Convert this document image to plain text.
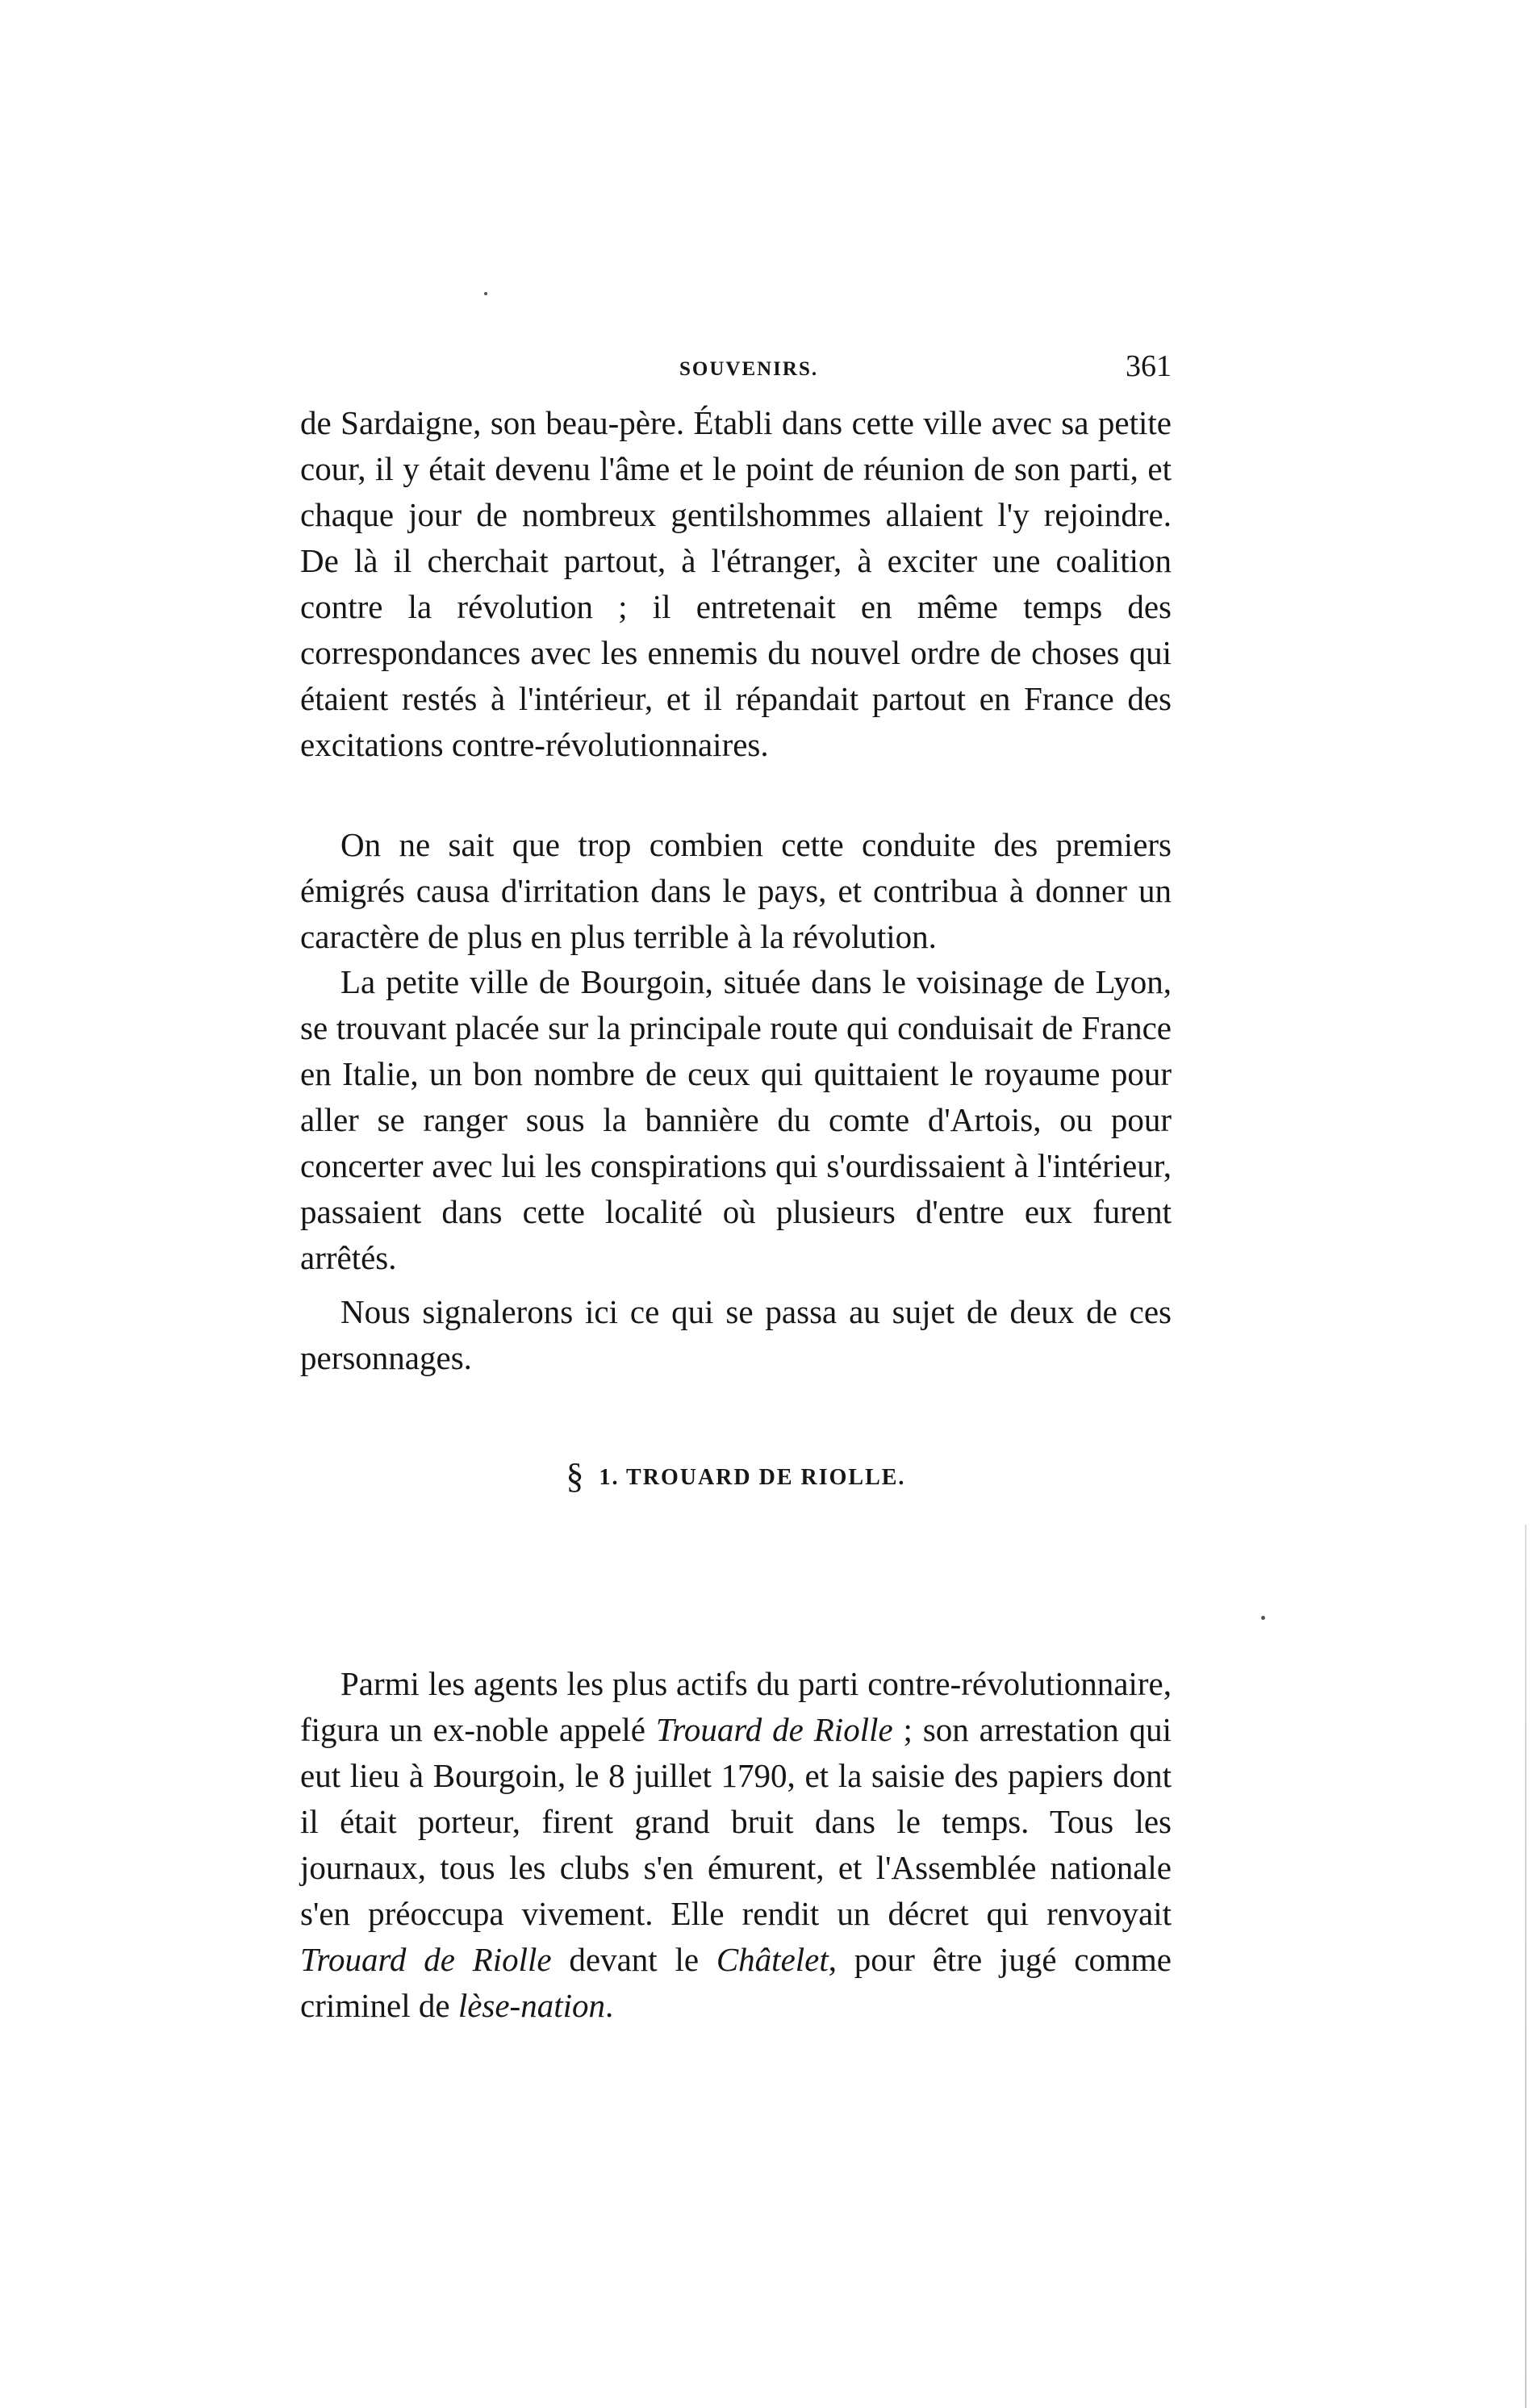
SOUVENIRS.	361

de Sardaigne, son beau-père. Établi dans cette ville avec sa petite cour, il y était devenu l'âme et le point de réunion de son parti, et chaque jour de nombreux gentilshommes allaient l'y rejoindre. De là il cherchait partout, à l'étranger, à exciter une coalition contre la révolution ; il entretenait en même temps des correspondances avec les ennemis du nouvel ordre de choses qui étaient restés à l'intérieur, et il répandait partout en France des excitations contre-révolutionnaires.

On ne sait que trop combien cette conduite des premiers émigrés causa d'irritation dans le pays, et contribua à donner un caractère de plus en plus terrible à la révolution.

La petite ville de Bourgoin, située dans le voisinage de Lyon, se trouvant placée sur la principale route qui conduisait de France en Italie, un bon nombre de ceux qui quittaient le royaume pour aller se ranger sous la bannière du comte d'Artois, ou pour concerter avec lui les conspirations qui s'ourdissaient à l'intérieur, passaient dans cette localité où plusieurs d'entre eux furent arrêtés.

Nous signalerons ici ce qui se passa au sujet de deux de ces personnages.

§ 1. TROUARD DE RIOLLE.

Parmi les agents les plus actifs du parti contre-révolutionnaire, figura un ex-noble appelé Trouard de Riolle ; son arrestation qui eut lieu à Bourgoin, le 8 juillet 1790, et la saisie des papiers dont il était porteur, firent grand bruit dans le temps. Tous les journaux, tous les clubs s'en émurent, et l'Assemblée nationale s'en préoccupa vivement. Elle rendit un décret qui renvoyait Trouard de Riolle devant le Châtelet, pour être jugé comme criminel de lèse-nation.
